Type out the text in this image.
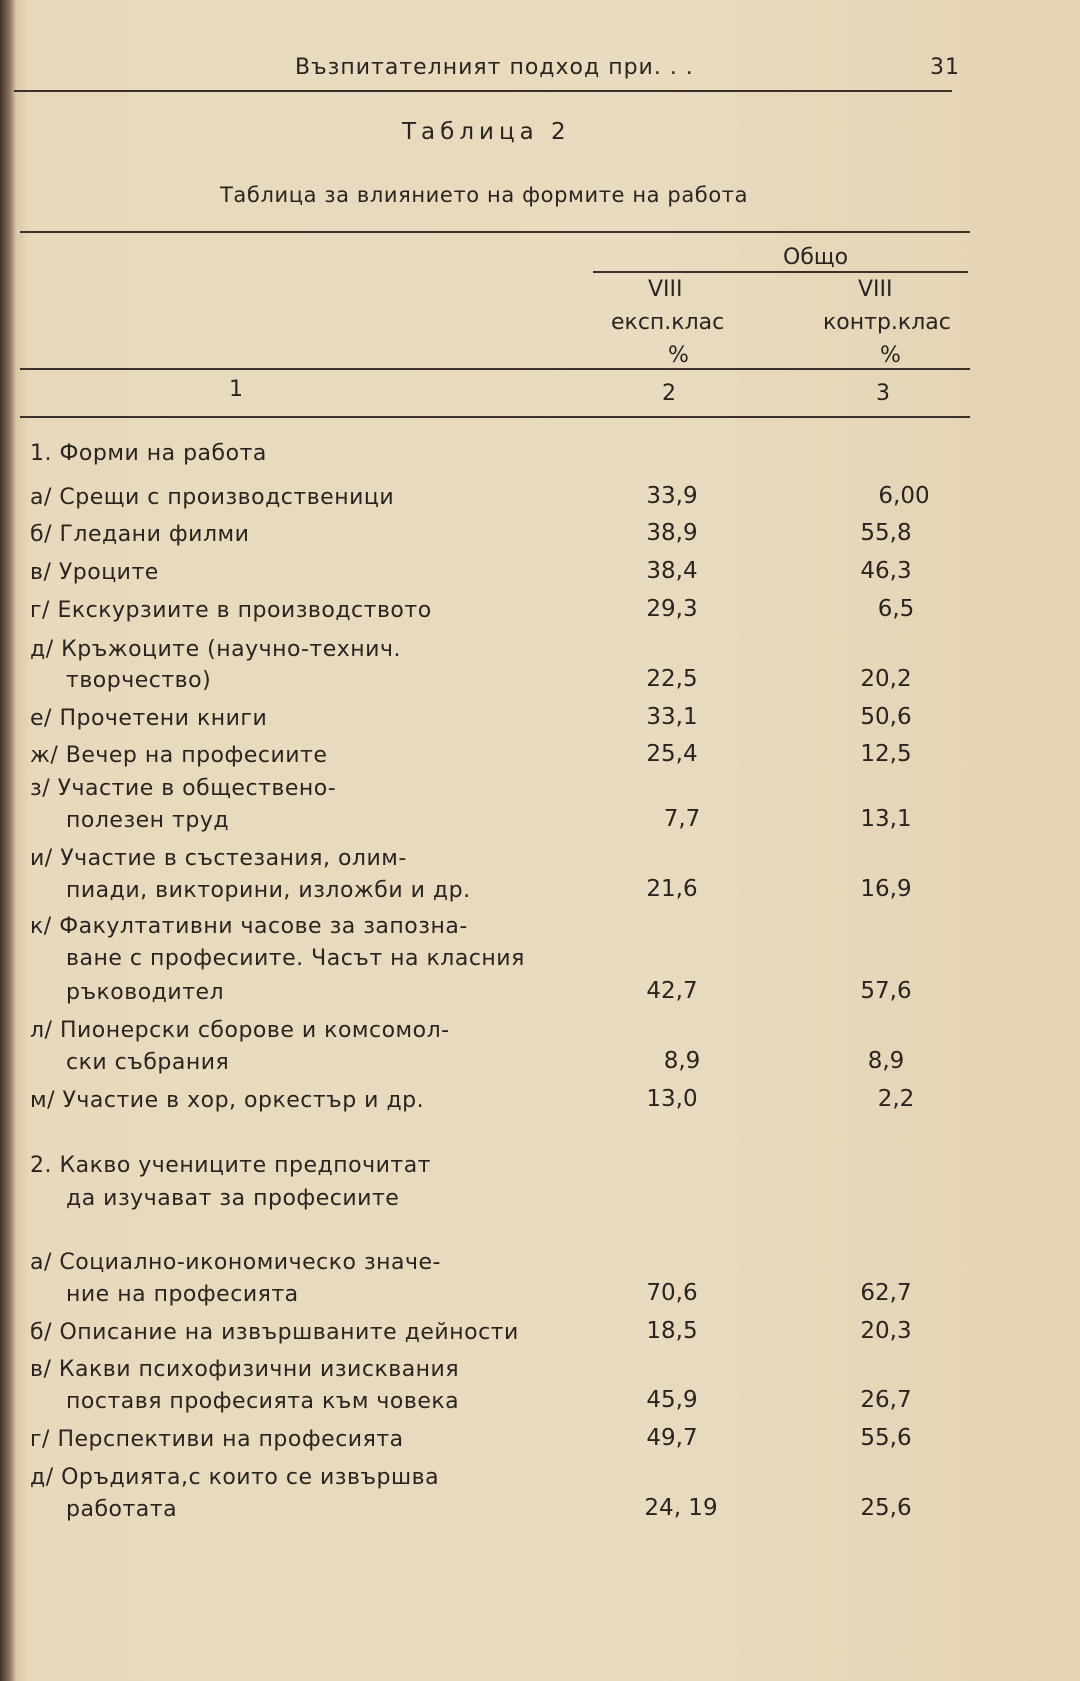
Възпитателният подход при. . .	31
Таблица 2
Таблица за влиянието на формите на работа
Общо
VIII	VIII
експ.клас	контр.клас
%	%
1	2	3
1. Форми на работа
а/ Срещи с производственици	33,9	6,00
б/ Гледани филми	38,9	55,8
в/ Уроците	38,4	46,3
г/ Екскурзиите в производството	29,3	6,5
д/ Кръжоците (научно-технич.
творчество)	22,5	20,2
е/ Прочетени книги	33,1	50,6
ж/ Вечер на професиите	25,4	12,5
з/ Участие в обществено-
полезен труд	7,7	13,1
и/ Участие в състезания, олим-
пиади, викторини, изложби и др.	21,6	16,9
к/ Факултативни часове за запозна-
ване с професиите. Часът на класния
ръководител	42,7	57,6
л/ Пионерски сборове и комсомол-
ски събрания	8,9	8,9
м/ Участие в хор, оркестър и др.	13,0	2,2
2. Какво учениците предпочитат
да изучават за професиите
а/ Социално-икономическо значе-
ние на професията	70,6	62,7
б/ Описание на извършваните дейности	18,5	20,3
в/ Какви психофизични изисквания
поставя професията към човека	45,9	26,7
г/ Перспективи на професията	49,7	55,6
д/ Оръдията,с които се извършва
работата	24, 19	25,6
